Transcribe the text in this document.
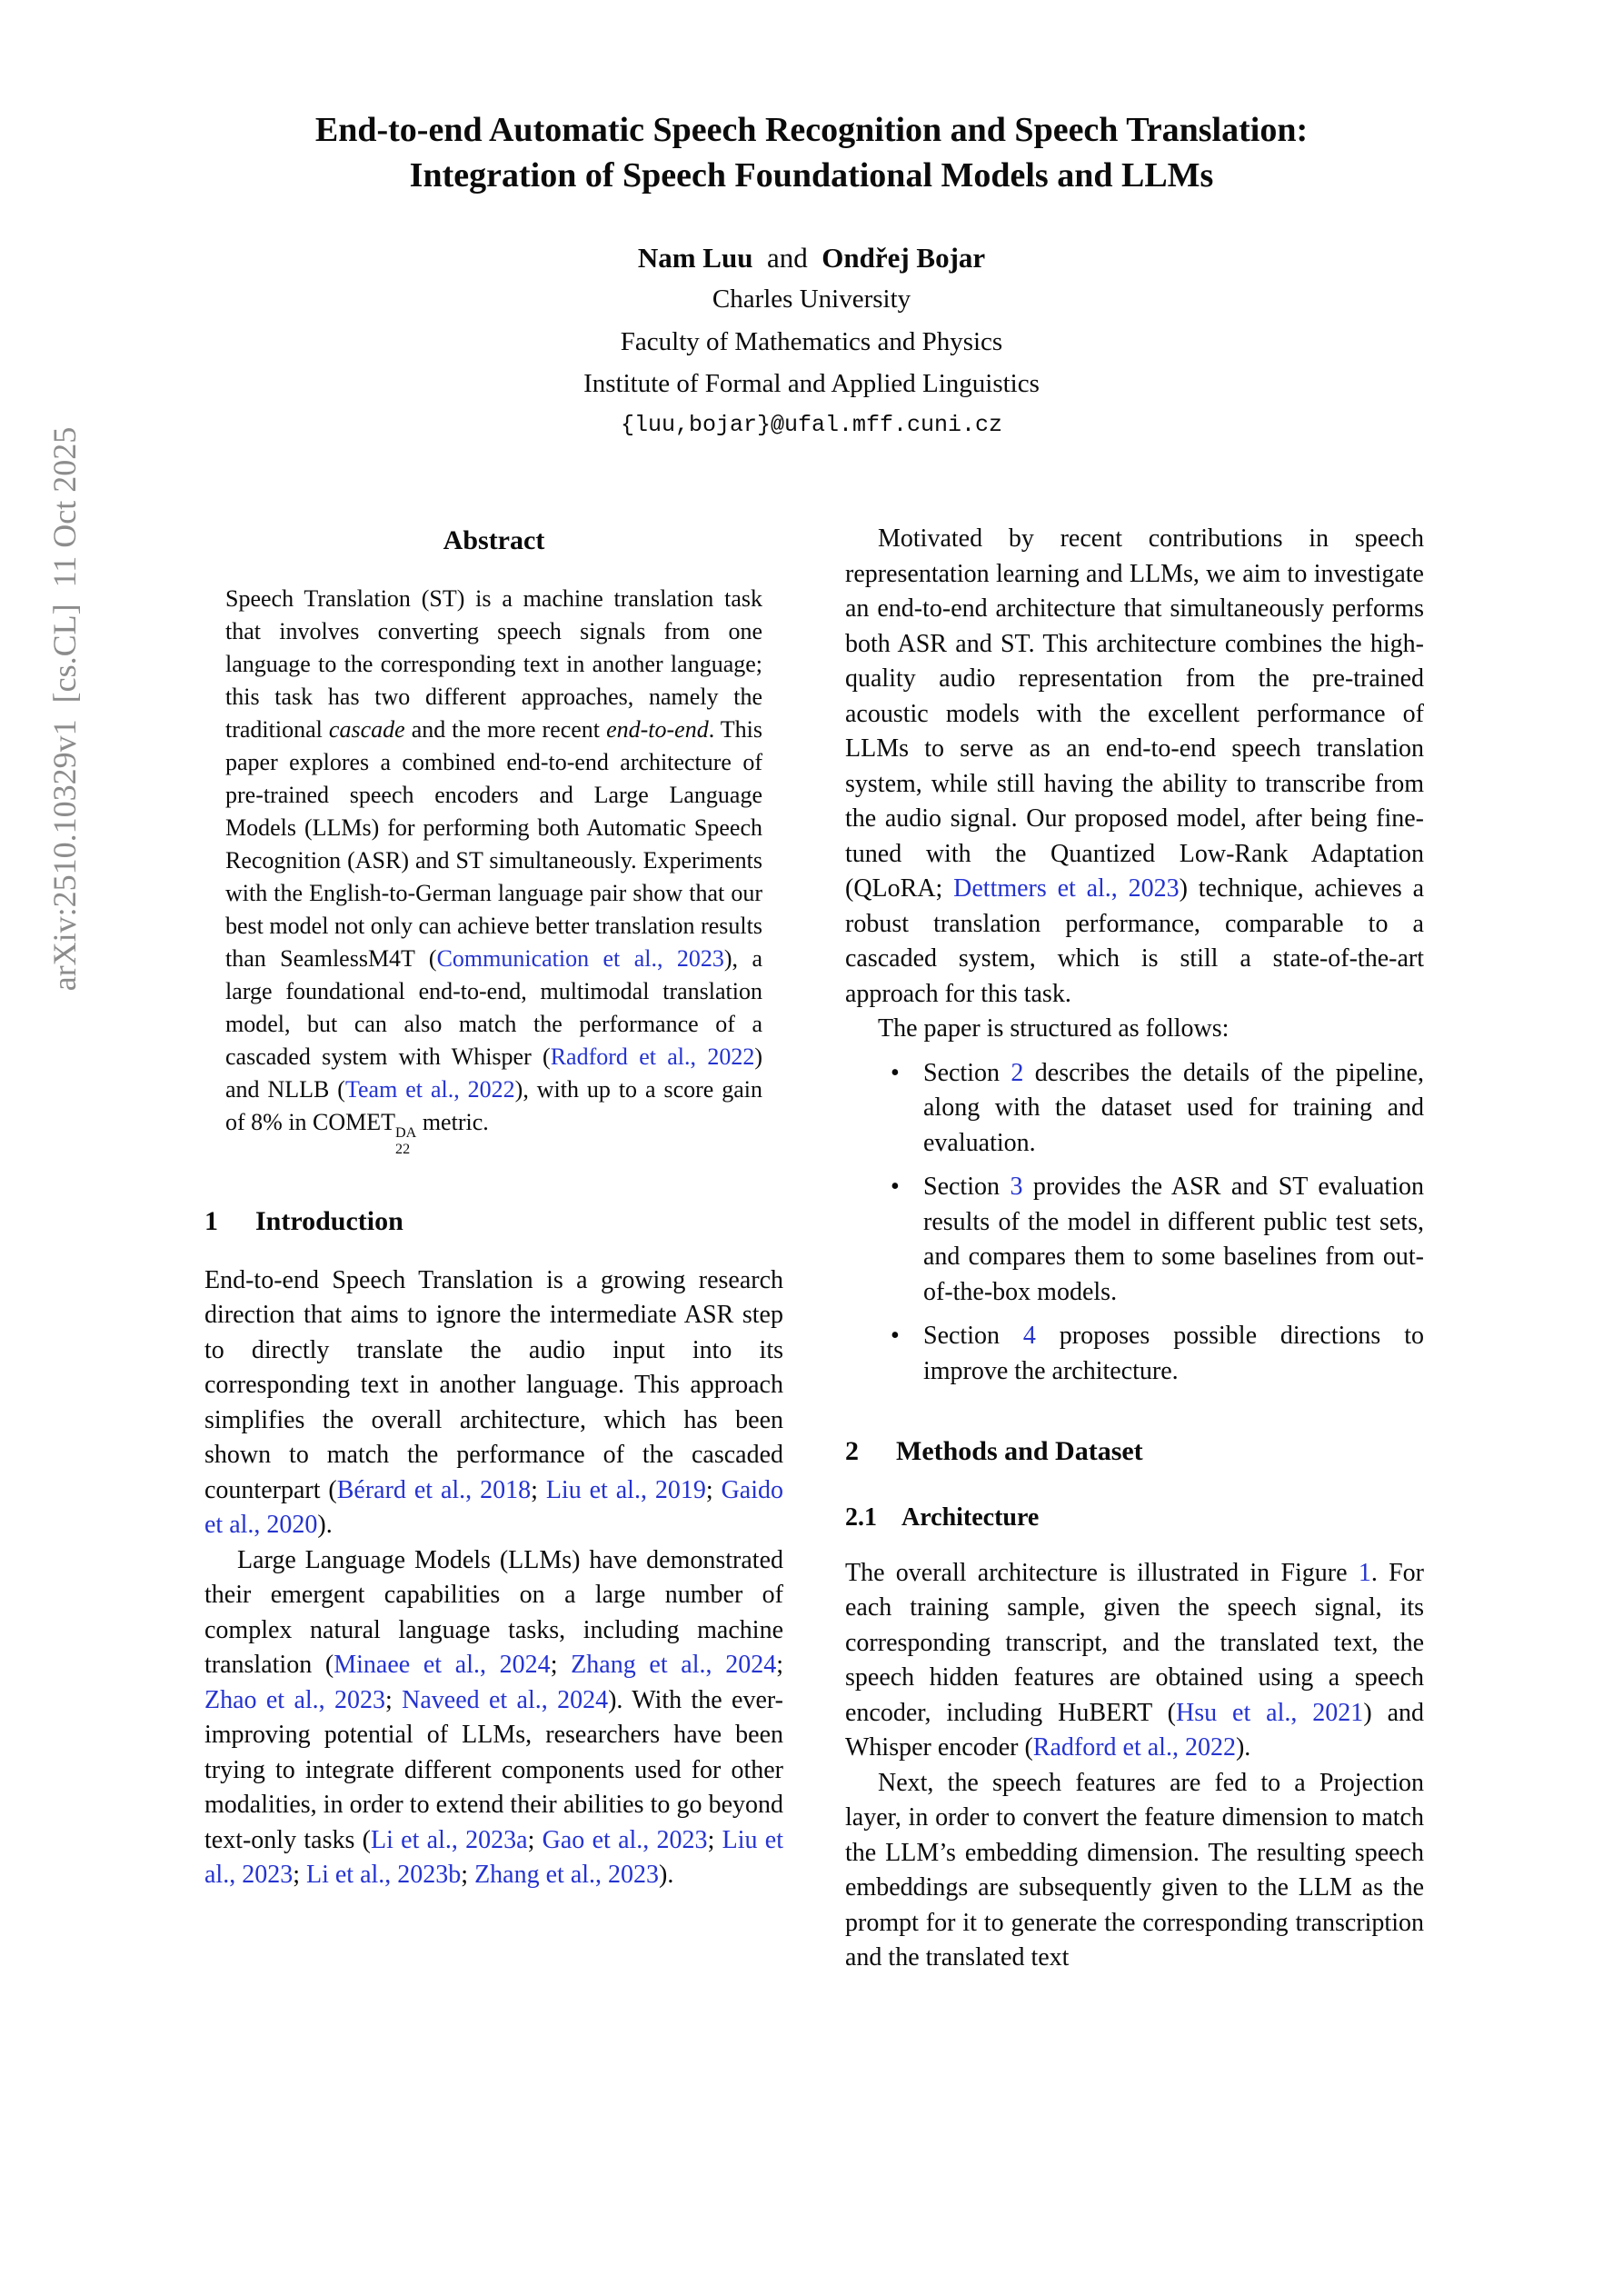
arXiv:2510.10329v1  [cs.CL]  11 Oct 2025
End-to-end Automatic Speech Recognition and Speech Translation:
Integration of Speech Foundational Models and LLMs
Nam Luu and Ondřej Bojar
Charles University
Faculty of Mathematics and Physics
Institute of Formal and Applied Linguistics
{luu,bojar}@ufal.mff.cuni.cz
Abstract

Speech Translation (ST) is a machine translation task that involves converting speech signals from one language to the corresponding text in another language; this task has two different approaches, namely the traditional cascade and the more recent end-to-end. This paper explores a combined end-to-end architecture of pre-trained speech encoders and Large Language Models (LLMs) for performing both Automatic Speech Recognition (ASR) and ST simultaneously. Experiments with the English-to-German language pair show that our best model not only can achieve better translation results than SeamlessM4T (Communication et al., 2023), a large foundational end-to-end, multimodal translation model, but can also match the performance of a cascaded system with Whisper (Radford et al., 2022) and NLLB (Team et al., 2022), with up to a score gain of 8% in COMET DA
22
metric.

1 Introduction

End-to-end Speech Translation is a growing research direction that aims to ignore the intermediate ASR step to directly translate the audio input into its corresponding text in another language. This approach simplifies the overall architecture, which has been shown to match the performance of the cascaded counterpart (Bérard et al., 2018; Liu et al., 2019; Gaido et al., 2020).

Large Language Models (LLMs) have demonstrated their emergent capabilities on a large number of complex natural language tasks, including machine translation (Minaee et al., 2024; Zhang et al., 2024; Zhao et al., 2023; Naveed et al., 2024). With the ever-improving potential of LLMs, researchers have been trying to integrate different components used for other modalities, in order to extend their abilities to go beyond text-only tasks (Li et al., 2023a; Gao et al., 2023; Liu et al., 2023; Li et al., 2023b; Zhang et al., 2023).

Motivated by recent contributions in speech representation learning and LLMs, we aim to investigate an end-to-end architecture that simultaneously performs both ASR and ST. This architecture combines the high-quality audio representation from the pre-trained acoustic models with the excellent performance of LLMs to serve as an end-to-end speech translation system, while still having the ability to transcribe from the audio signal. Our proposed model, after being fine-tuned with the Quantized Low-Rank Adaptation (QLoRA; Dettmers et al., 2023) technique, achieves a robust translation performance, comparable to a cascaded system, which is still a state-of-the-art approach for this task.

The paper is structured as follows:

• Section 2 describes the details of the pipeline, along with the dataset used for training and evaluation.
• Section 3 provides the ASR and ST evaluation results of the model in different public test sets, and compares them to some baselines from out-of-the-box models.
• Section 4 proposes possible directions to improve the architecture.
2 Methods and Dataset
2.1 Architecture

The overall architecture is illustrated in Figure 1. For each training sample, given the speech signal, its corresponding transcript, and the translated text, the speech hidden features are obtained using a speech encoder, including HuBERT (Hsu et al., 2021) and Whisper encoder (Radford et al., 2022).

Next, the speech features are fed to a Projection layer, in order to convert the feature dimension to match the LLM’s embedding dimension. The resulting speech embeddings are subsequently given to the LLM as the prompt for it to generate the corresponding transcription and the translated text
